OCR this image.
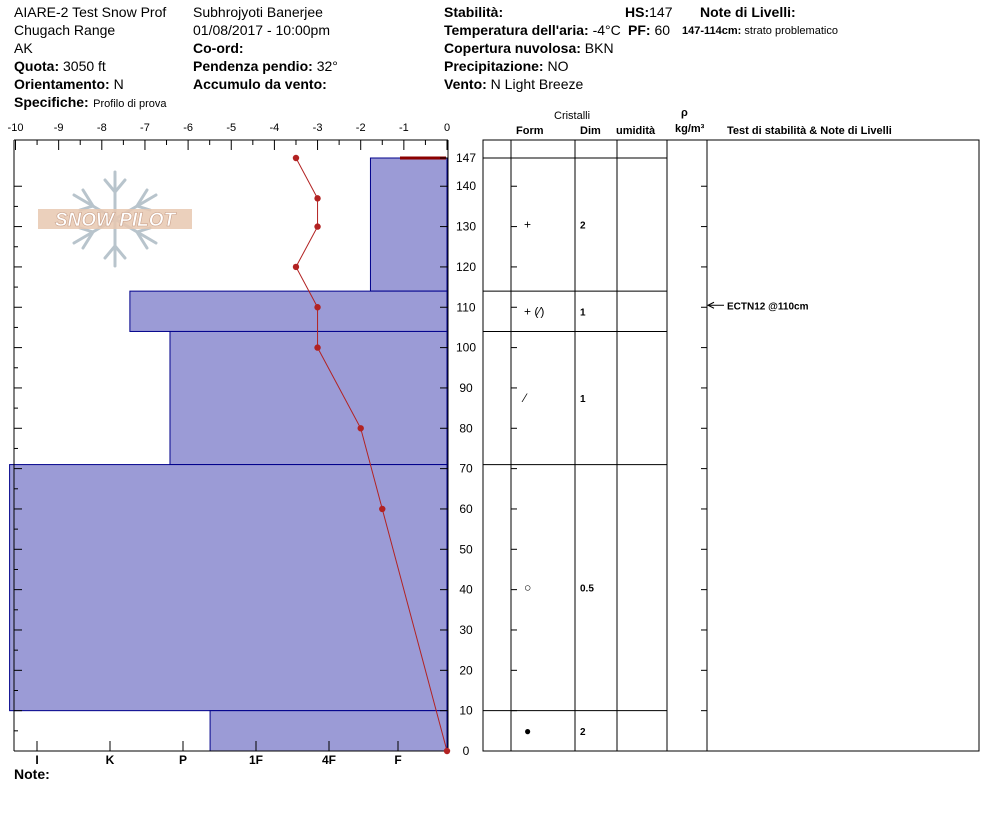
AIARE-2 Test Snow Prof
Chugach Range
AK
Quota: 3050 ft
Orientamento: N
Specifiche: Profilo di prova
Subhrojyoti Banerjee
01/08/2017 - 10:00pm
Co-ord:
Pendenza pendio: 32°
Accumulo da vento:
Stabilità:
Temperatura dell'aria: -4°C
Copertura nuvolosa: BKN
Precipitazione: NO
Vento: N Light Breeze
HS:147
PF: 60
Note di Livelli:
147-114cm: strato problematico
Cristalli
Form	Dim umidità
ρ
kg/m³ Test di stabilità & Note di Livelli
Note:
SNOW PILOT
-10	-9	-8	-7	-6	-5	-4	-3	-2	-1	0
I	K	P	1F	4F	F
147
140
130
120
110
100
90
80
70
60
50
40
30
20
10
0
+	2
+ (⁄)	1
⁄	1
○	0.5
●	2
ECTN12 @110cm
